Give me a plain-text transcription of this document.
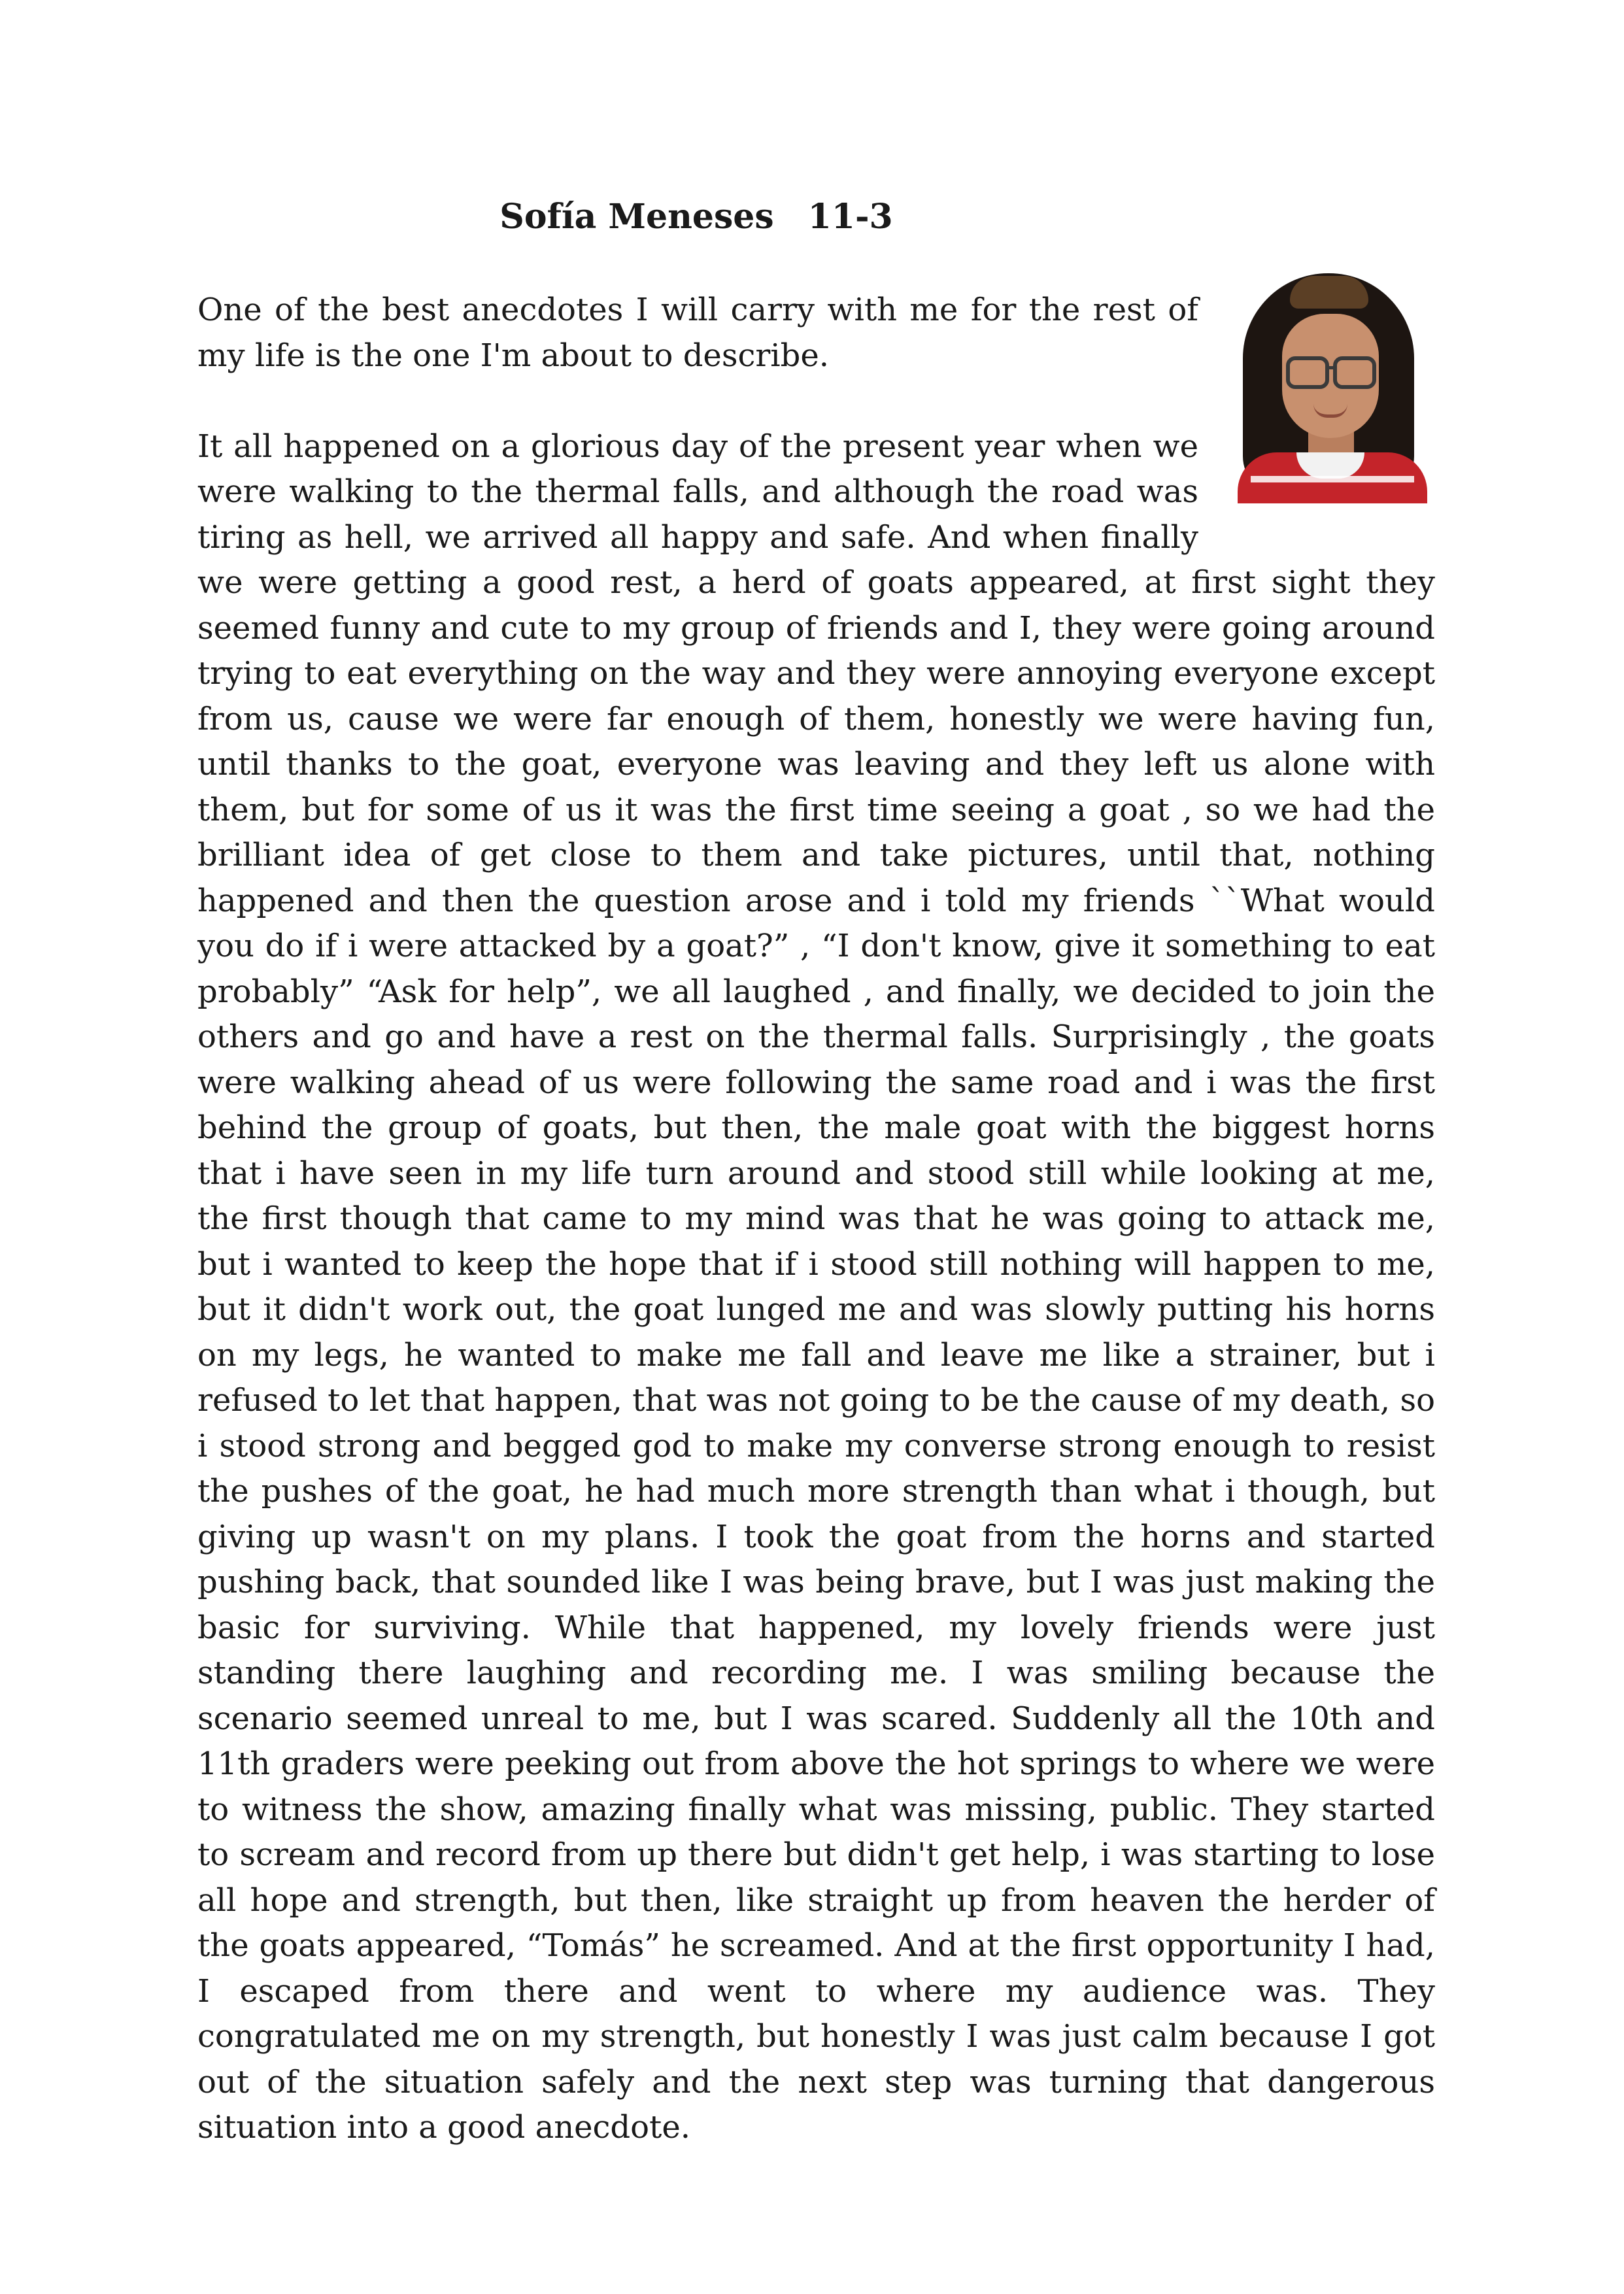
Sofía Meneses 11-3

One of the best anecdotes I will carry with me for the rest of my life is the one I'm about to describe.

It all happened on a glorious day of the present year when we were walking to the thermal falls, and although the road was tiring as hell, we arrived all happy and safe. And when finally we were getting a good rest, a herd of goats appeared, at first sight they seemed funny and cute to my group of friends and I, they were going around trying to eat everything on the way and they were annoying everyone except from us, cause we were far enough of them, honestly we were having fun, until thanks to the goat, everyone was leaving and they left us alone with them, but for some of us it was the first time seeing a goat , so we had the brilliant idea of get close to them and take pictures, until that, nothing happened and then the question arose and i told my friends ``What would you do if i were attacked by a goat?” , “I don't know, give it something to eat probably” “Ask for help”, we all laughed , and finally, we decided to join the others and go and have a rest on the thermal falls. Surprisingly , the goats were walking ahead of us were following the same road and i was the first behind the group of goats, but then, the male goat with the biggest horns that i have seen in my life turn around and stood still while looking at me, the first though that came to my mind was that he was going to attack me, but i wanted to keep the hope that if i stood still nothing will happen to me, but it didn't work out, the goat lunged me and was slowly putting his horns on my legs, he wanted to make me fall and leave me like a strainer, but i refused to let that happen, that was not going to be the cause of my death, so i stood strong and begged god to make my converse strong enough to resist the pushes of the goat, he had much more strength than what i though, but giving up wasn't on my plans. I took the goat from the horns and started pushing back, that sounded like I was being brave, but I was just making the basic for surviving. While that happened, my lovely friends were just standing there laughing and recording me. I was smiling because the scenario seemed unreal to me, but I was scared. Suddenly all the 10th and 11th graders were peeking out from above the hot springs to where we were to witness the show, amazing finally what was missing, public. They started to scream and record from up there but didn't get help, i was starting to lose all hope and strength, but then, like straight up from heaven the herder of the goats appeared, “Tomás” he screamed. And at the first opportunity I had, I escaped from there and went to where my audience was. They congratulated me on my strength, but honestly I was just calm because I got out of the situation safely and the next step was turning that dangerous situation into a good anecdote.
